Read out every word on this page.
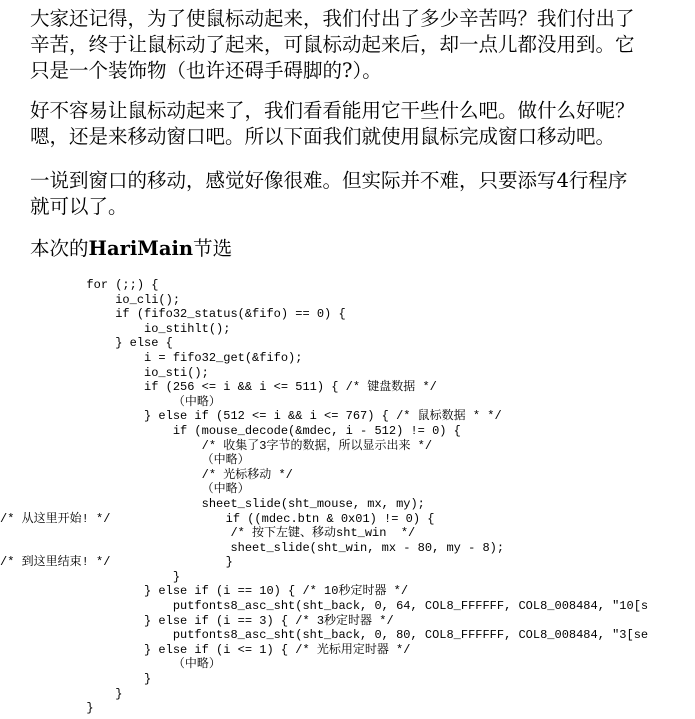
大家还记得，为了使鼠标动起来，我们付出了多少辛苦吗？我们付出了
辛苦，终于让鼠标动了起来，可鼠标动起来后，却一点儿都没用到。它
只是一个装饰物（也许还碍手碍脚的?）。
好不容易让鼠标动起来了，我们看看能用它干些什么吧。做什么好呢？
嗯，还是来移动窗口吧。所以下面我们就使用鼠标完成窗口移动吧。
一说到窗口的移动，感觉好像很难。但实际并不难，只要添写4行程序
就可以了。
本次的HariMain节选
for (;;) {
io_cli();
if (fifo32_status(&fifo) == 0) {
io_stihlt();
} else {
i = fifo32_get(&fifo);
io_sti();
if (256 <= i && i <= 511) { /* 键盘数据 */
（中略）
} else if (512 <= i && i <= 767) { /* 鼠标数据 * */
if (mouse_decode(&mdec, i - 512) != 0) {
/* 收集了3字节的数据，所以显示出来 */
（中略）
/* 光标移动 */
（中略）
sheet_slide(sht_mouse, mx, my);
/* 从这里开始! */                if ((mdec.btn & 0x01) != 0) {
/* 按下左键、移动sht_win  */
sheet_slide(sht_win, mx - 80, my - 8);
/* 到这里结束! */                }
}
} else if (i == 10) { /* 10秒定时器 */
putfonts8_asc_sht(sht_back, 0, 64, COL8_FFFFFF, COL8_008484, "10[s
} else if (i == 3) { /* 3秒定时器 */
putfonts8_asc_sht(sht_back, 0, 80, COL8_FFFFFF, COL8_008484, "3[se
} else if (i <= 1) { /* 光标用定时器 */
（中略）
}
}
}
